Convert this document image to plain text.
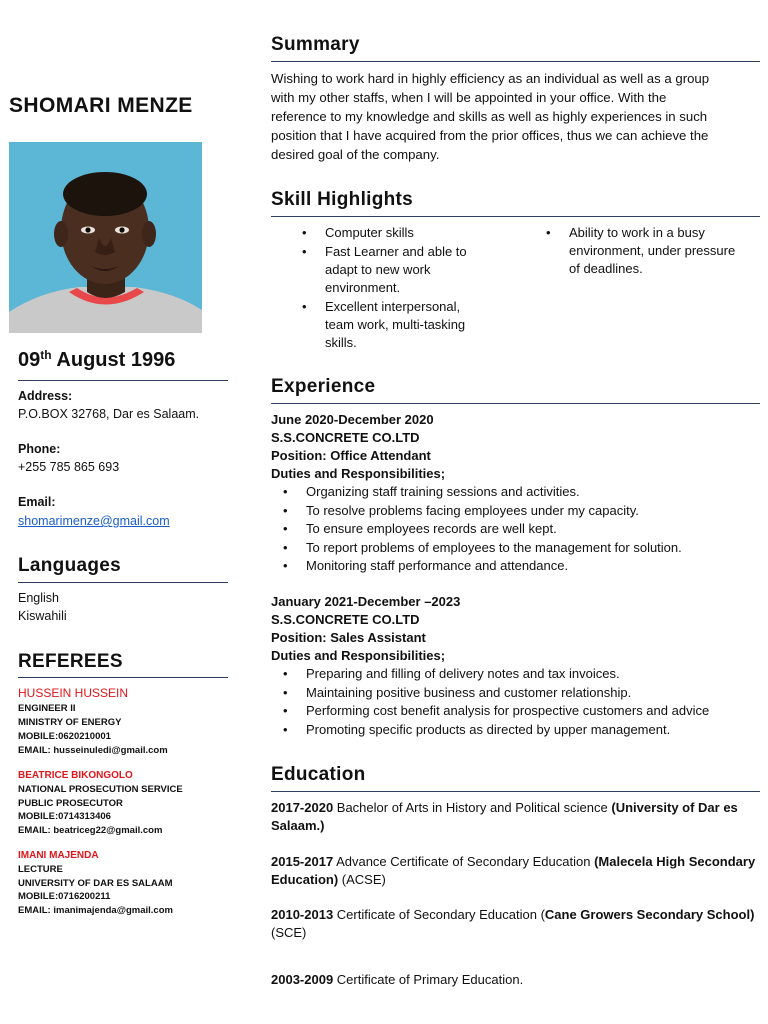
SHOMARI MENZE
09th August 1996
Address:
P.O.BOX 32768, Dar es Salaam.
Phone:
+255 785 865 693
Email:
shomarimenze@gmail.com
Languages
English
Kiswahili
REFEREES
HUSSEIN HUSSEIN
ENGINEER II
MINISTRY OF ENERGY
MOBILE:0620210001
EMAIL: husseinuledi@gmail.com
BEATRICE BIKONGOLO
NATIONAL PROSECUTION SERVICE
PUBLIC PROSECUTOR
MOBILE:0714313406
EMAIL: beatriceg22@gmail.com
IMANI MAJENDA
LECTURE
UNIVERSITY OF DAR ES SALAAM
MOBILE:0716200211
EMAIL: imanimajenda@gmail.com
Summary
Wishing to work hard in highly efficiency as an individual as well as a group
with my other staffs, when I will be appointed in your office. With the
reference to my knowledge and skills as well as highly experiences in such
position that I have acquired from the prior offices, thus we can achieve the
desired goal of the company.
Skill Highlights
• Computer skills
• Fast Learner and able to adapt to new work environment.
• Excellent interpersonal, team work, multi-tasking skills.
• Ability to work in a busy environment, under pressure of deadlines.
Experience
June 2020-December 2020
S.S.CONCRETE CO.LTD
Position: Office Attendant
Duties and Responsibilities;
• Organizing staff training sessions and activities.
• To resolve problems facing employees under my capacity.
• To ensure employees records are well kept.
• To report problems of employees to the management for solution.
• Monitoring staff performance and attendance.
January 2021-December –2023
S.S.CONCRETE CO.LTD
Position: Sales Assistant
Duties and Responsibilities;
• Preparing and filling of delivery notes and tax invoices.
• Maintaining positive business and customer relationship.
• Performing cost benefit analysis for prospective customers and advice
• Promoting specific products as directed by upper management.
Education
2017-2020 Bachelor of Arts in History and Political science (University of Dar es Salaam.)
2015-2017 Advance Certificate of Secondary Education (Malecela High Secondary Education) (ACSE)
2010-2013 Certificate of Secondary Education (Cane Growers Secondary School) (SCE)
2003-2009 Certificate of Primary Education.
